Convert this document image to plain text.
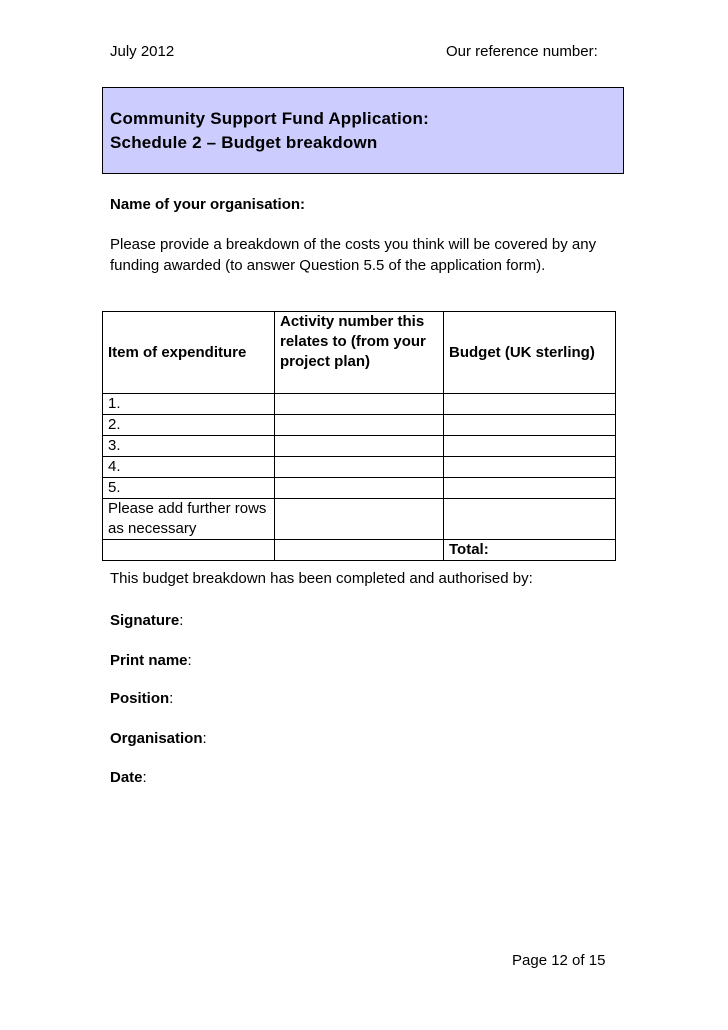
July 2012	Our reference number:
Community Support Fund Application:
Schedule 2 – Budget breakdown
Name of your organisation:
Please provide a breakdown of the costs you think will be covered by any funding awarded (to answer Question 5.5 of the application form).
Item of expenditure	Activity number this relates to (from your project plan)	Budget (UK sterling)
1.		
2.		
3.		
4.		
5.		
Please add further rows as necessary		
		Total:
This budget breakdown has been completed and authorised by:
Signature:
Print name:
Position:
Organisation:
Date:
Page 12 of 15
